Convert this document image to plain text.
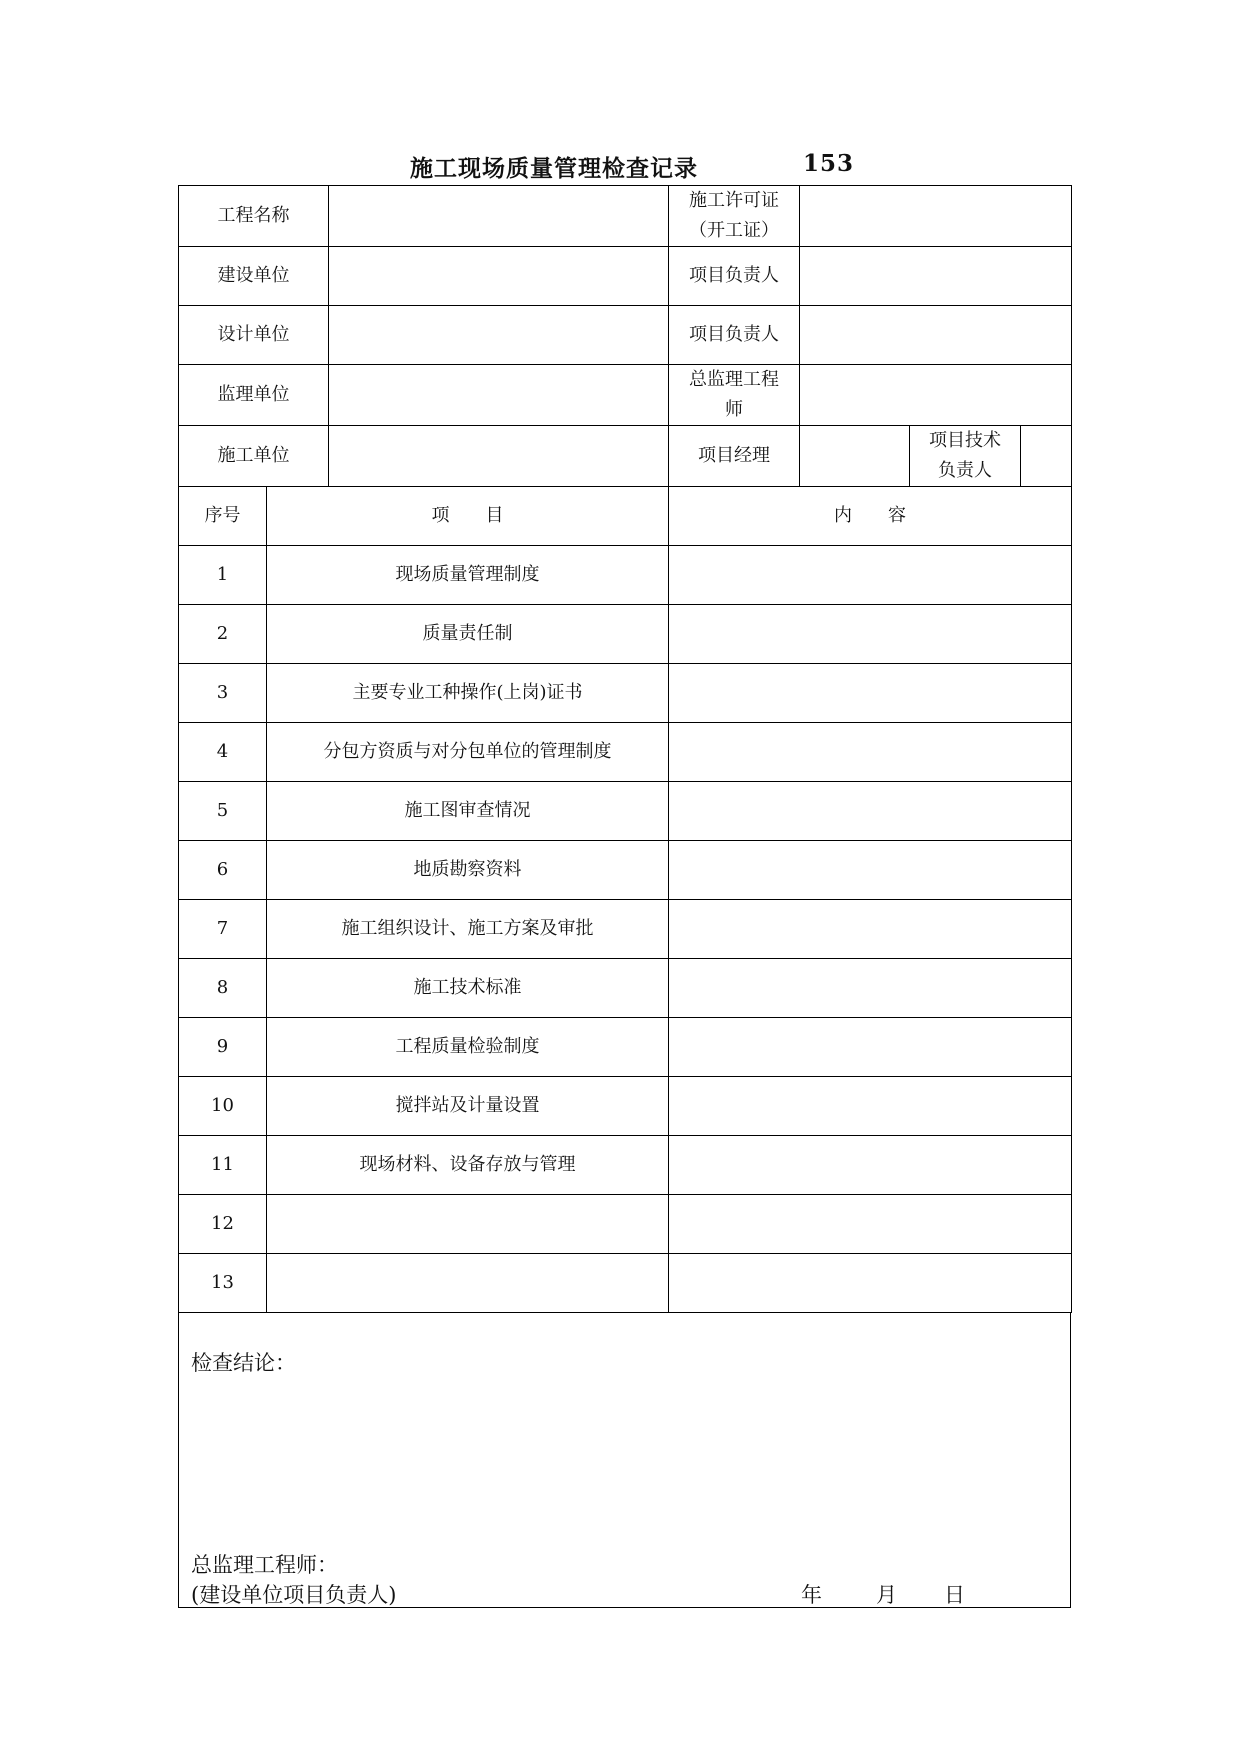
施工现场质量管理检查记录	153
工程名称			施工许可证
（开工证）			

建设单位			项目负责人			
设计单位			项目负责人			
监理单位			总监理工程
师			

施工单位			项目经理		项目技术
负责人	

序号	项　　目		内　　容			
1	现场质量管理制度					
2	质量责任制					
3	主要专业工种操作(上岗)证书					
4	分包方资质与对分包单位的管理制度					
5	施工图审查情况					
6	地质勘察资料					
7	施工组织设计、施工方案及审批					
8	施工技术标准					
9	工程质量检验制度					
10	搅拌站及计量设置					
11	现场材料、设备存放与管理					
12						
13						
检查结论：
总监理工程师：
(建设单位项目负责人)	年	月 日
